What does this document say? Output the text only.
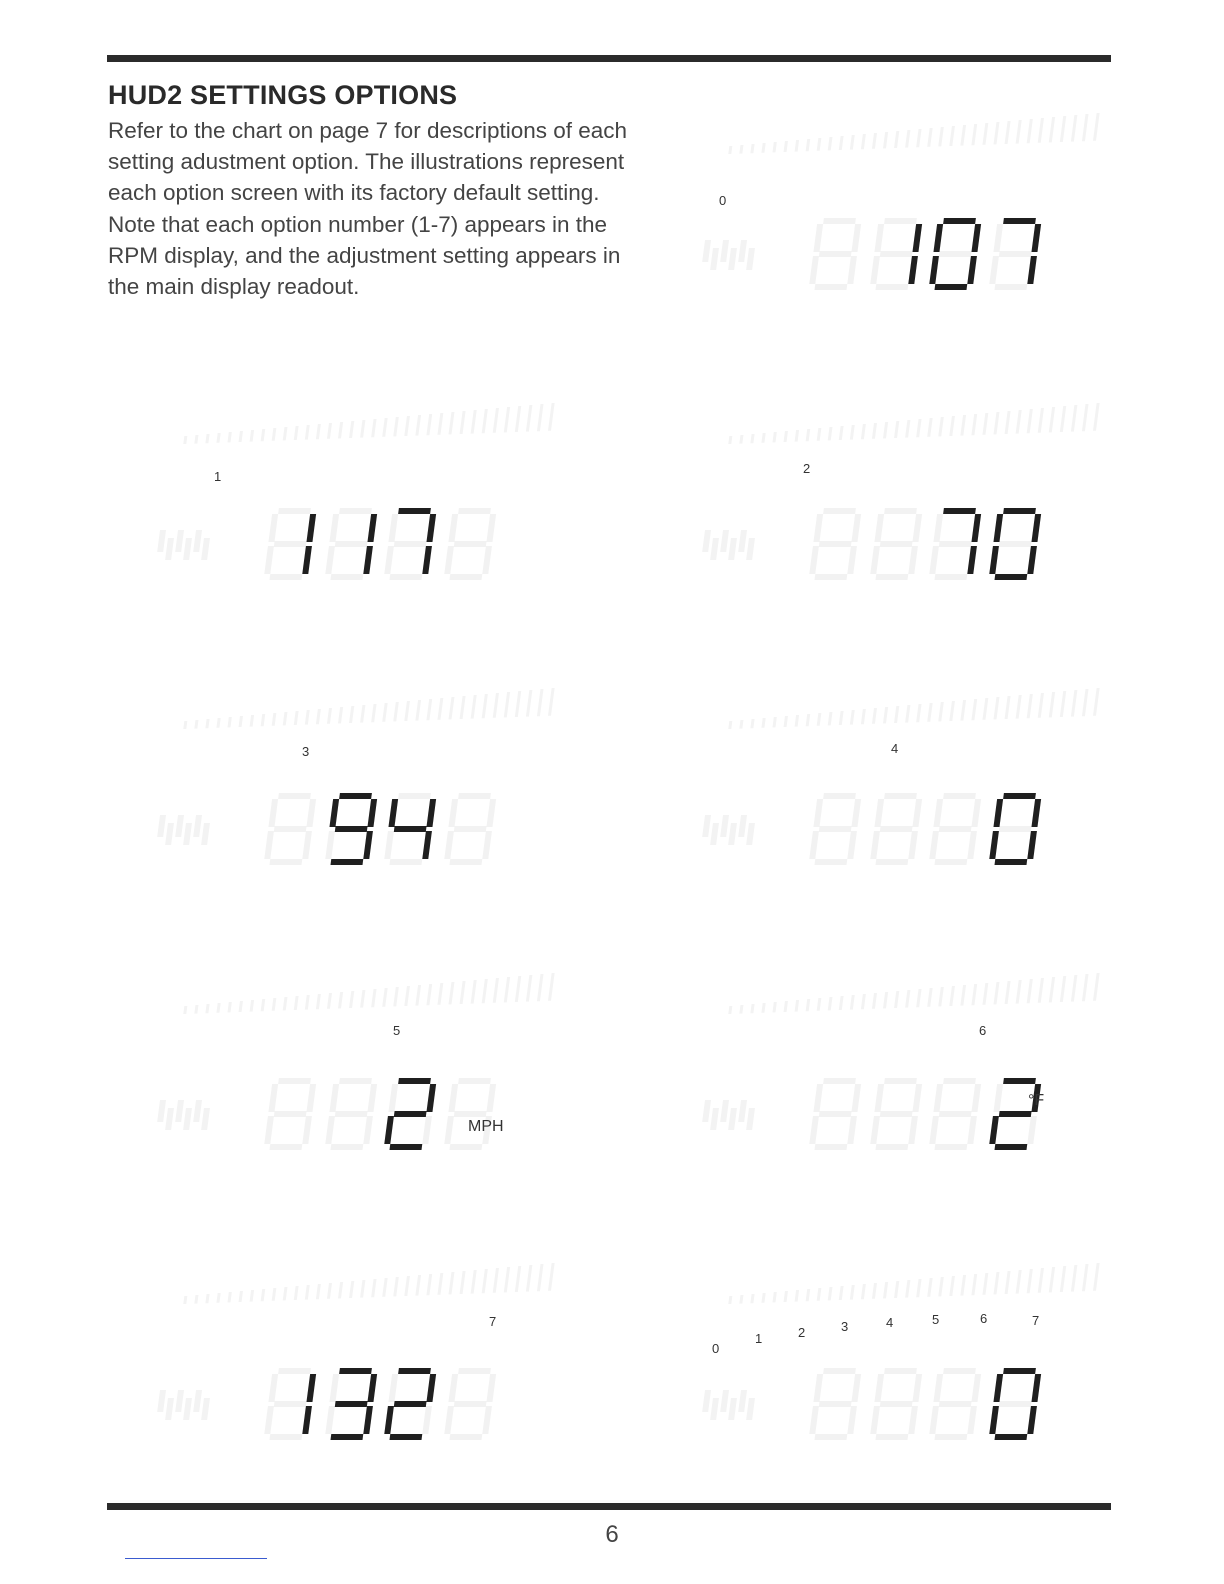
HUD2 SETTINGS OPTIONS

Refer to the chart on page 7 for descriptions of each setting adustment option. The illustrations represent each option screen with its factory default setting. Note that each option number (1-7) appears in the RPM display, and the adjustment setting appears in the main display readout.

0
1
2
3	4
5
MPH
6
°F
7
0
1	2	3	4	5	6	7
6
